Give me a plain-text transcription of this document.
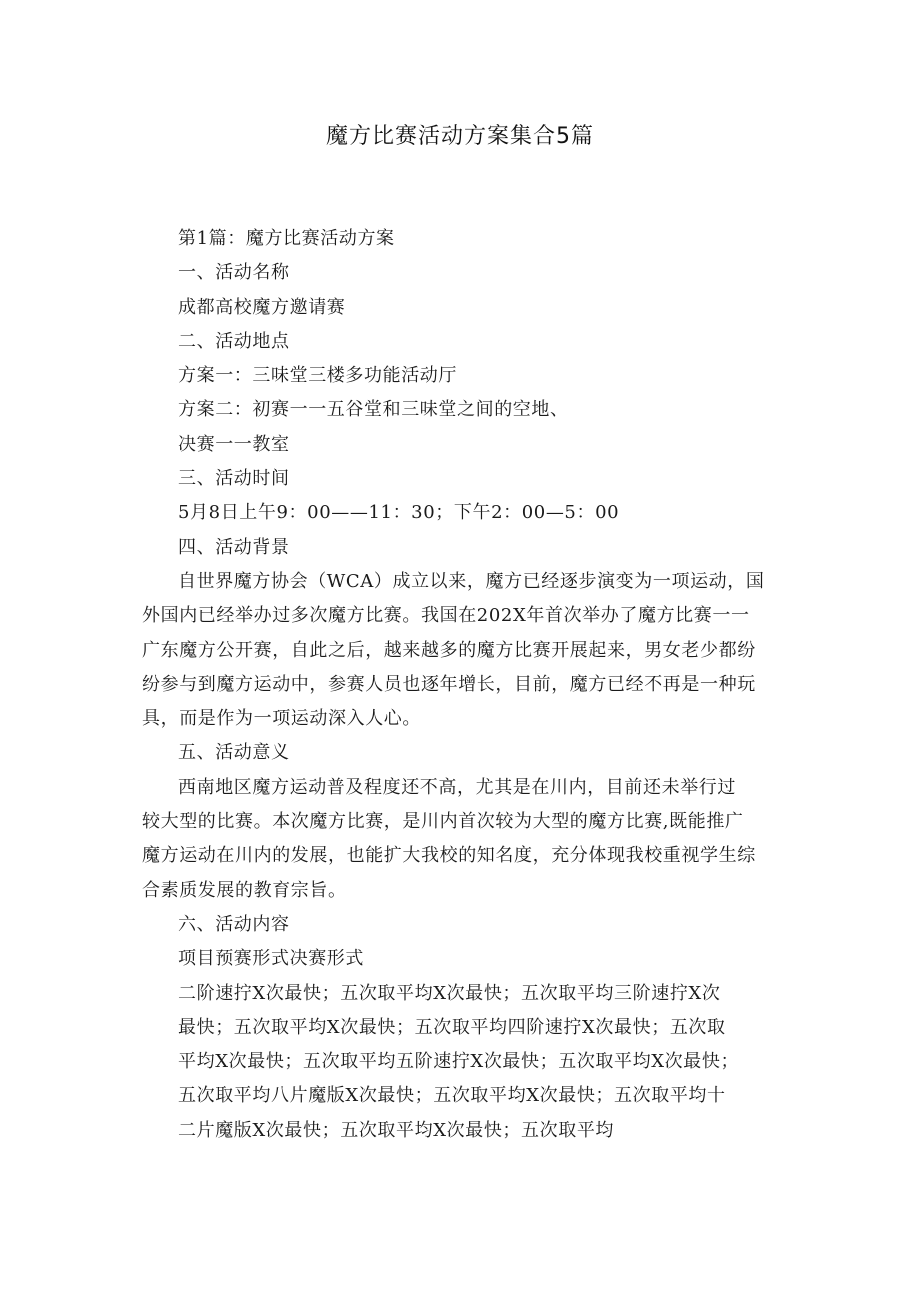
魔方比赛活动方案集合5篇
第1篇：魔方比赛活动方案
一、活动名称
成都高校魔方邀请赛
二、活动地点
方案一：三味堂三楼多功能活动厅
方案二：初赛一一五谷堂和三味堂之间的空地、
决赛一一教室
三、活动时间
5月8日上午9：00——11：30；下午2：00—5：00
四、活动背景
自世界魔方协会（WCA）成立以来，魔方已经逐步演变为一项运动，国
外国内已经举办过多次魔方比赛。我国在202X年首次举办了魔方比赛一一
广东魔方公开赛，自此之后，越来越多的魔方比赛开展起来，男女老少都纷
纷参与到魔方运动中，参赛人员也逐年增长，目前，魔方已经不再是一种玩
具，而是作为一项运动深入人心。
五、活动意义
西南地区魔方运动普及程度还不高，尤其是在川内，目前还未举行过
较大型的比赛。本次魔方比赛，是川内首次较为大型的魔方比赛,既能推广
魔方运动在川内的发展，也能扩大我校的知名度，充分体现我校重视学生综
合素质发展的教育宗旨。
六、活动内容
项目预赛形式决赛形式
二阶速拧X次最快；五次取平均X次最快；五次取平均三阶速拧X次
最快；五次取平均X次最快；五次取平均四阶速拧X次最快；五次取
平均X次最快；五次取平均五阶速拧X次最快；五次取平均X次最快；
五次取平均八片魔版X次最快；五次取平均X次最快；五次取平均十
二片魔版X次最快；五次取平均X次最快；五次取平均
